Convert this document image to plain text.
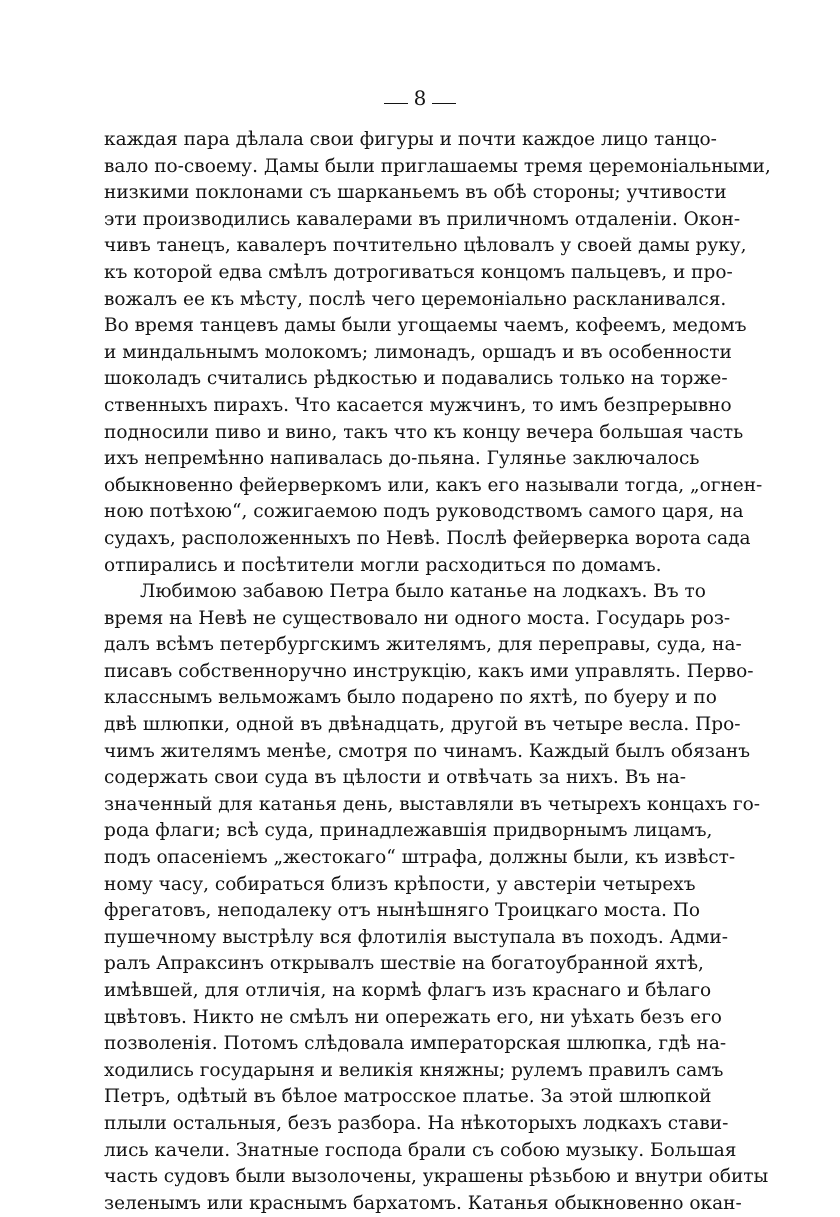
8
каждая пара дѣлала свои фигуры и почти каждое лицо танцо-
вало по-своему. Дамы были приглашаемы тремя церемоніальными,
низкими поклонами съ шарканьемъ въ обѣ стороны; учтивости
эти производились кавалерами въ приличномъ отдаленіи. Окон-
чивъ танецъ, кавалеръ почтительно цѣловалъ у своей дамы руку,
къ которой едва смѣлъ дотрогиваться концомъ пальцевъ, и про-
вожалъ ее къ мѣсту, послѣ чего церемоніально раскланивался.
Во время танцевъ дамы были угощаемы чаемъ, кофеемъ, медомъ
и миндальнымъ молокомъ; лимонадъ, оршадъ и въ особенности
шоколадъ считались рѣдкостью и подавались только на торже-
ственныхъ пирахъ. Что касается мужчинъ, то имъ безпрерывно
подносили пиво и вино, такъ что къ концу вечера большая часть
ихъ непремѣнно напивалась до-пьяна. Гулянье заключалось
обыкновенно фейерверкомъ или, какъ его называли тогда, „огнен-
ною потѣхою“, сожигаемою подъ руководствомъ самого царя, на
судахъ, расположенныхъ по Невѣ. Послѣ фейерверка ворота сада
отпирались и посѣтители могли расходиться по домамъ.
Любимою забавою Петра было катанье на лодкахъ. Въ то
время на Невѣ не существовало ни одного моста. Государь роз-
далъ всѣмъ петербургскимъ жителямъ, для переправы, суда, на-
писавъ собственноручно инструкцію, какъ ими управлять. Перво-
класснымъ вельможамъ было подарено по яхтѣ, по буеру и по
двѣ шлюпки, одной въ двѣнадцать, другой въ четыре весла. Про-
чимъ жителямъ менѣе, смотря по чинамъ. Каждый былъ обязанъ
содержать свои суда въ цѣлости и отвѣчать за нихъ. Въ на-
значенный для катанья день, выставляли въ четырехъ концахъ го-
рода флаги; всѣ суда, принадлежавшія придворнымъ лицамъ,
подъ опасеніемъ „жестокаго“ штрафа, должны были, къ извѣст-
ному часу, собираться близъ крѣпости, у австеріи четырехъ
фрегатовъ, неподалеку отъ нынѣшняго Троицкаго моста. По
пушечному выстрѣлу вся флотилія выступала въ походъ. Адми-
ралъ Апраксинъ открывалъ шествіе на богатоубранной яхтѣ,
имѣвшей, для отличія, на кормѣ флагъ изъ краснаго и бѣлаго
цвѣтовъ. Никто не смѣлъ ни опережать его, ни уѣхать безъ его
позволенія. Потомъ слѣдовала императорская шлюпка, гдѣ на-
ходились государыня и великія княжны; рулемъ правилъ самъ
Петръ, одѣтый въ бѣлое матросское платье. За этой шлюпкой
плыли остальныя, безъ разбора. На нѣкоторыхъ лодкахъ стави-
лись качели. Знатные господа брали съ собою музыку. Большая
часть судовъ были вызолочены, украшены рѣзьбою и внутри обиты
зеленымъ или краснымъ бархатомъ. Катанья обыкновенно окан-
